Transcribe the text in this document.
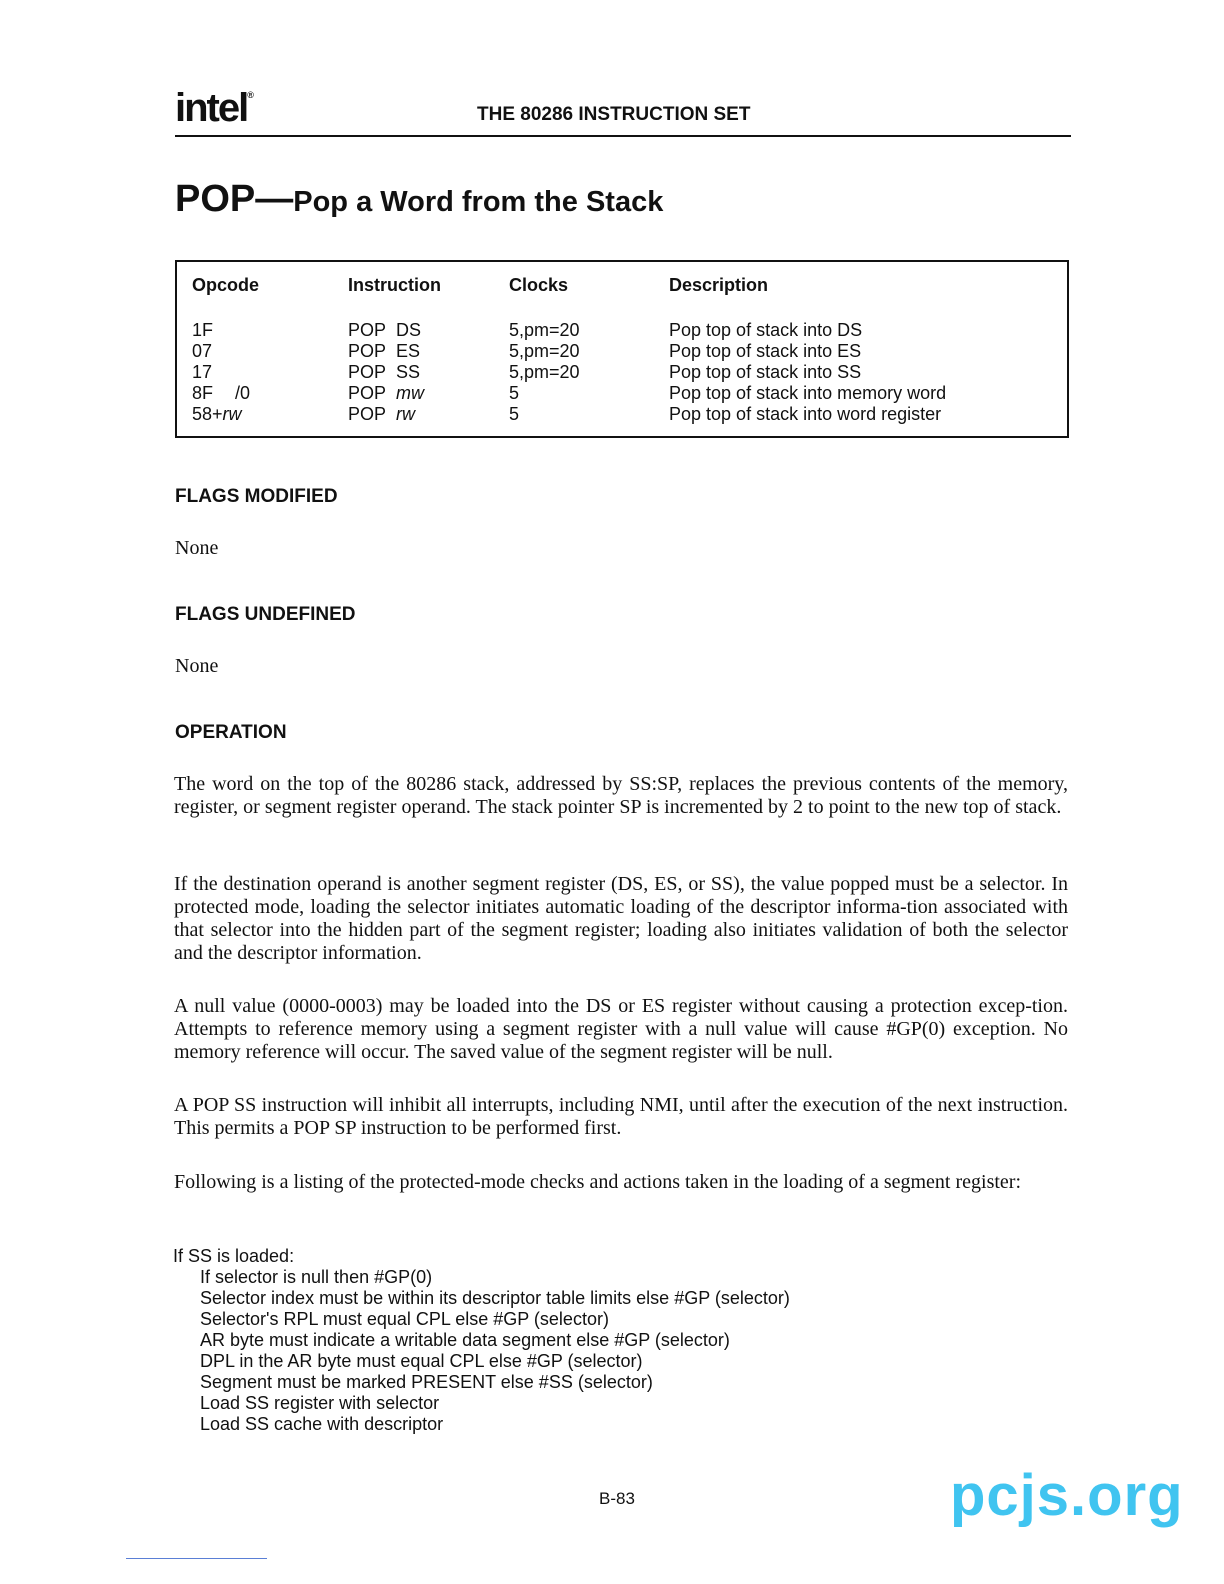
intel®
THE 80286 INSTRUCTION SET
POP—Pop a Word from the Stack
Opcode	Instruction	Clocks	Description
1F	POP DS	5,pm=20	Pop top of stack into DS
07	POP ES	5,pm=20	Pop top of stack into ES
17	POP SS	5,pm=20	Pop top of stack into SS
8F /0	POP mw	5	Pop top of stack into memory word
58+rw	POP rw	5	Pop top of stack into word register
FLAGS MODIFIED
None
FLAGS UNDEFINED
None
OPERATION

The word on the top of the 80286 stack, addressed by SS:SP, replaces the previous contents of the memory, register, or segment register operand. The stack pointer SP is incremented by 2 to point to the new top of stack.

If the destination operand is another segment register (DS, ES, or SS), the value popped must be a selector. In protected mode, loading the selector initiates automatic loading of the descriptor informa-tion associated with that selector into the hidden part of the segment register; loading also initiates validation of both the selector and the descriptor information.

A null value (0000-0003) may be loaded into the DS or ES register without causing a protection excep-tion. Attempts to reference memory using a segment register with a null value will cause #GP(0) exception. No memory reference will occur. The saved value of the segment register will be null.

A POP SS instruction will inhibit all interrupts, including NMI, until after the execution of the next instruction. This permits a POP SP instruction to be performed first.

Following is a listing of the protected-mode checks and actions taken in the loading of a segment register:

If SS is loaded:
If selector is null then #GP(0)
Selector index must be within its descriptor table limits else #GP (selector)
Selector's RPL must equal CPL else #GP (selector)
AR byte must indicate a writable data segment else #GP (selector)
DPL in the AR byte must equal CPL else #GP (selector)
Segment must be marked PRESENT else #SS (selector)
Load SS register with selector
Load SS cache with descriptor
B-83	pcjs.org
